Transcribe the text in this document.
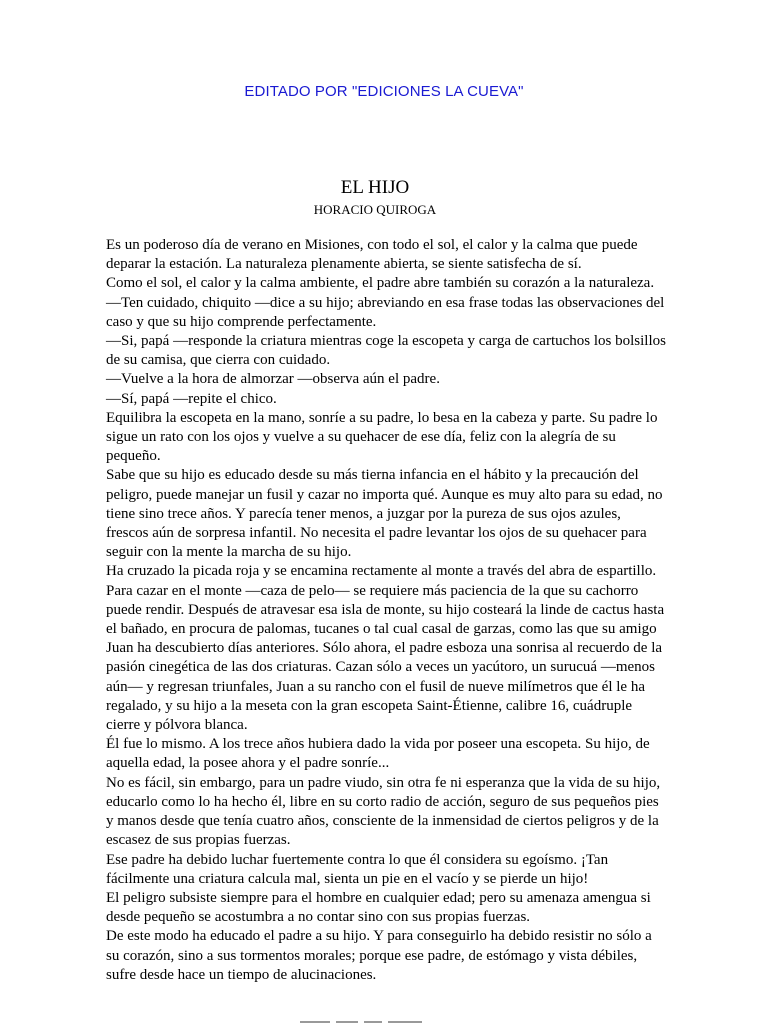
EDITADO POR "EDICIONES LA CUEVA"
EL HIJO
HORACIO QUIROGA

Es un poderoso día de verano en Misiones, con todo el sol, el calor y la calma que puede deparar la estación. La naturaleza plenamente abierta, se siente satisfecha de sí.

Como el sol, el calor y la calma ambiente, el padre abre también su corazón a la naturaleza.

—Ten cuidado, chiquito —dice a su hijo; abreviando en esa frase todas las observaciones del caso y que su hijo comprende perfectamente.

—Si, papá —responde la criatura mientras coge la escopeta y carga de cartuchos los bolsillos de su camisa, que cierra con cuidado.

—Vuelve a la hora de almorzar —observa aún el padre.

—Sí, papá —repite el chico.

Equilibra la escopeta en la mano, sonríe a su padre, lo besa en la cabeza y parte. Su padre lo sigue un rato con los ojos y vuelve a su quehacer de ese día, feliz con la alegría de su pequeño.

Sabe que su hijo es educado desde su más tierna infancia en el hábito y la precaución del peligro, puede manejar un fusil y cazar no importa qué. Aunque es muy alto para su edad, no tiene sino trece años. Y parecía tener menos, a juzgar por la pureza de sus ojos azules, frescos aún de sorpresa infantil. No necesita el padre levantar los ojos de su quehacer para seguir con la mente la marcha de su hijo.

Ha cruzado la picada roja y se encamina rectamente al monte a través del abra de espartillo. Para cazar en el monte —caza de pelo— se requiere más paciencia de la que su cachorro puede rendir. Después de atravesar esa isla de monte, su hijo costeará la linde de cactus hasta el bañado, en procura de palomas, tucanes o tal cual casal de garzas, como las que su amigo Juan ha descubierto días anteriores. Sólo ahora, el padre esboza una sonrisa al recuerdo de la pasión cinegética de las dos criaturas. Cazan sólo a veces un yacútoro, un surucuá —menos aún— y regresan triunfales, Juan a su rancho con el fusil de nueve milímetros que él le ha regalado, y su hijo a la meseta con la gran escopeta Saint-Étienne, calibre 16, cuádruple cierre y pólvora blanca.

Él fue lo mismo. A los trece años hubiera dado la vida por poseer una escopeta. Su hijo, de aquella edad, la posee ahora y el padre sonríe...

No es fácil, sin embargo, para un padre viudo, sin otra fe ni esperanza que la vida de su hijo, educarlo como lo ha hecho él, libre en su corto radio de acción, seguro de sus pequeños pies y manos desde que tenía cuatro años, consciente de la inmensidad de ciertos peligros y de la escasez de sus propias fuerzas.

Ese padre ha debido luchar fuertemente contra lo que él considera su egoísmo. ¡Tan fácilmente una criatura calcula mal, sienta un pie en el vacío y se pierde un hijo!

El peligro subsiste siempre para el hombre en cualquier edad; pero su amenaza amengua si desde pequeño se acostumbra a no contar sino con sus propias fuerzas.

De este modo ha educado el padre a su hijo. Y para conseguirlo ha debido resistir no sólo a su corazón, sino a sus tormentos morales; porque ese padre, de estómago y vista débiles, sufre desde hace un tiempo de alucinaciones.
